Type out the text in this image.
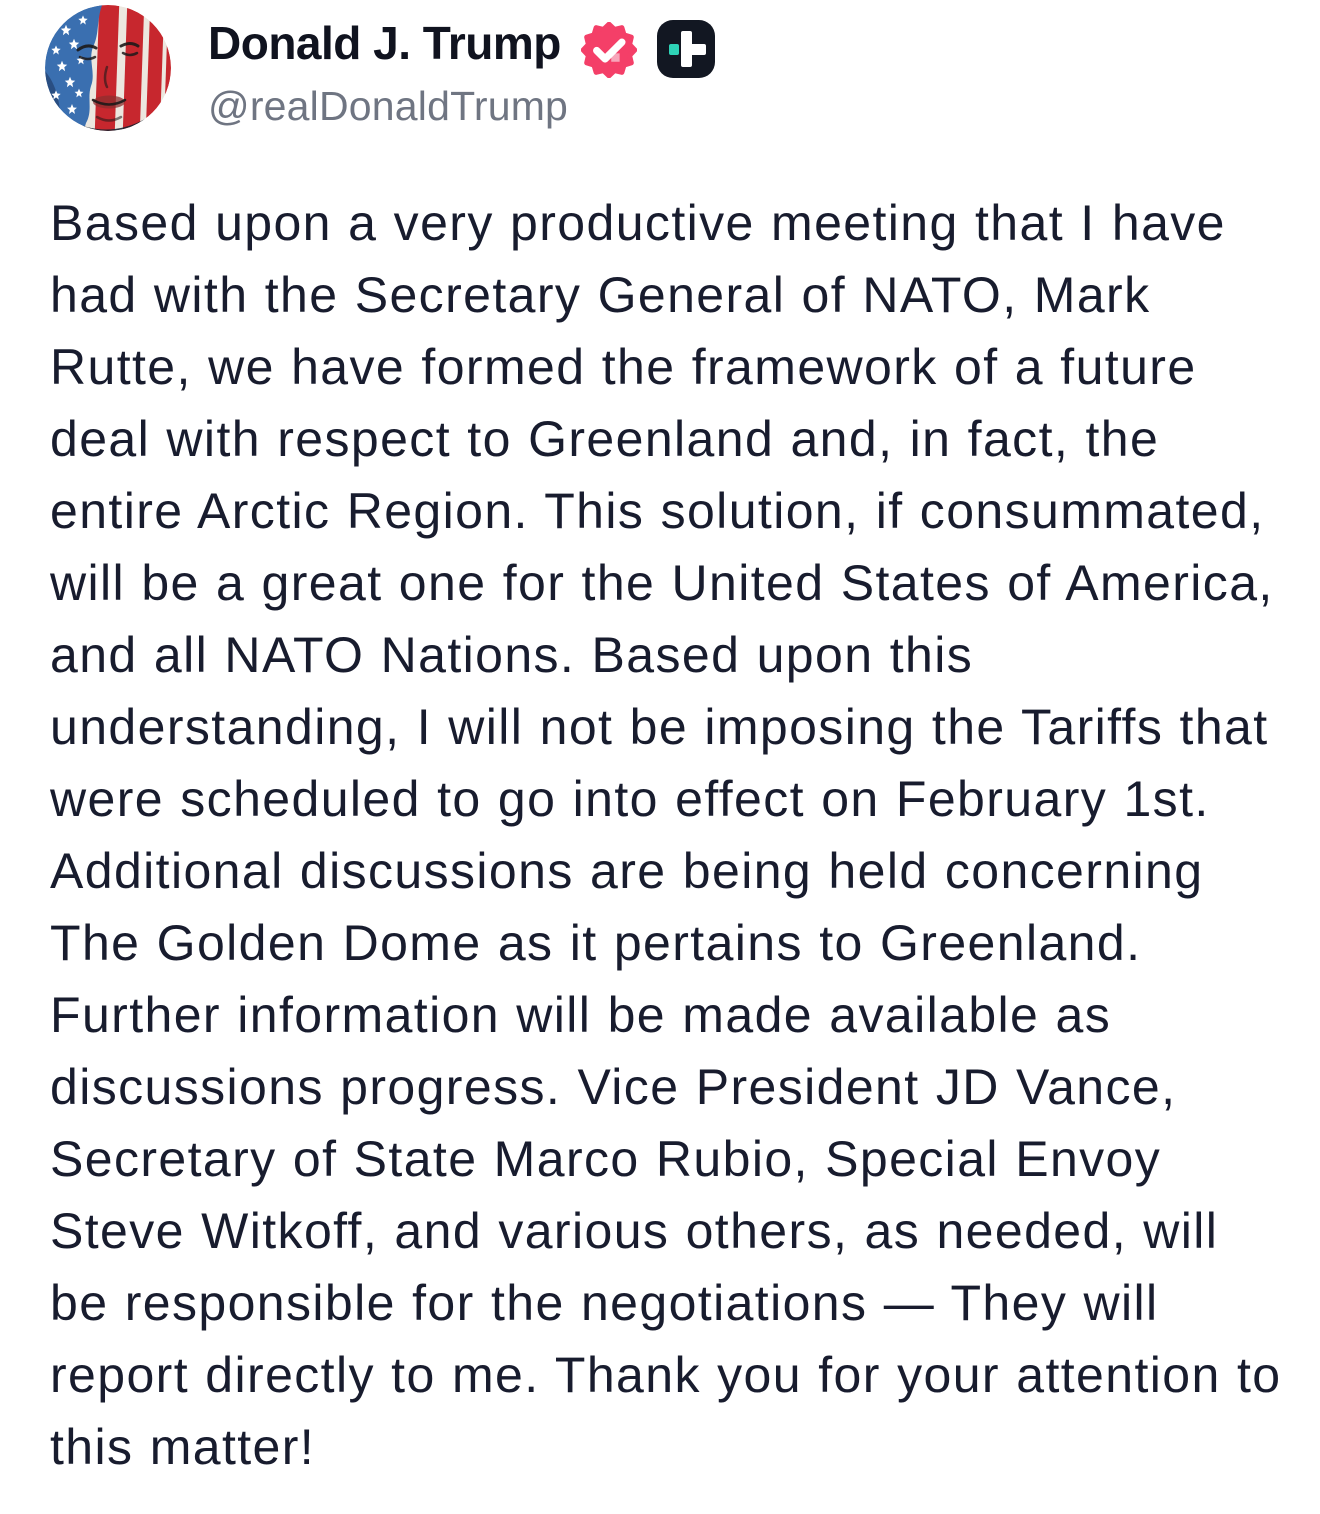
Donald J. Trump
@realDonaldTrump

Based upon a very productive meeting that I have had with the Secretary General of NATO, Mark Rutte, we have formed the framework of a future deal with respect to Greenland and, in fact, the entire Arctic Region. This solution, if consummated, will be a great one for the United States of America, and all NATO Nations. Based upon this understanding, I will not be imposing the Tariffs that were scheduled to go into effect on February 1st. Additional discussions are being held concerning The Golden Dome as it pertains to Greenland. Further information will be made available as discussions progress. Vice President JD Vance, Secretary of State Marco Rubio, Special Envoy Steve Witkoff, and various others, as needed, will be responsible for the negotiations — They will report directly to me. Thank you for your attention to this matter!
